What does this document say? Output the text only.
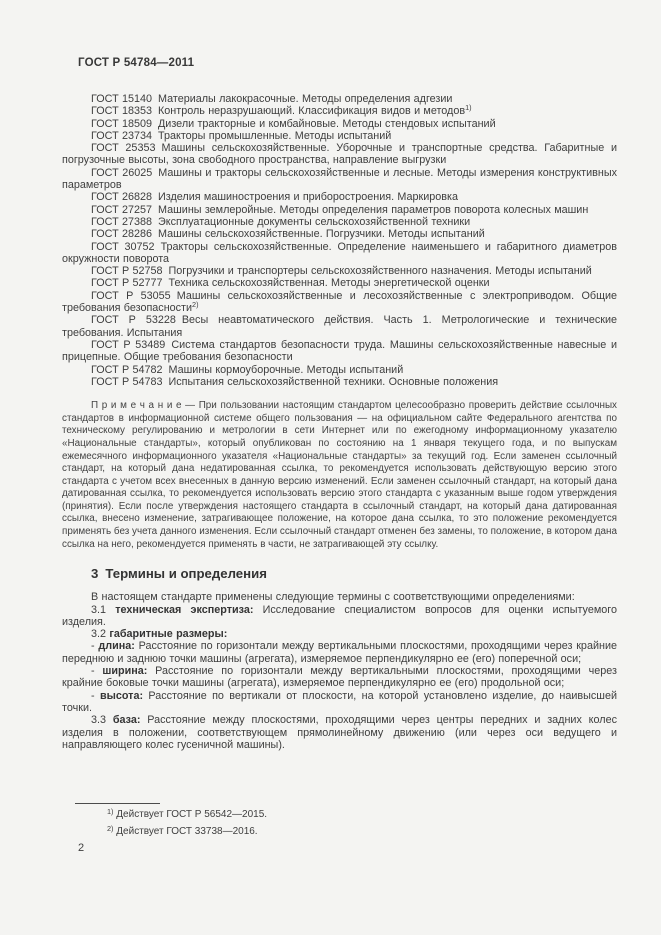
ГОСТ Р 54784—2011

ГОСТ 15140 Материалы лакокрасочные. Методы определения адгезии

ГОСТ 18353 Контроль неразрушающий. Классификация видов и методов$^{1)}$

ГОСТ 18509 Дизели тракторные и комбайновые. Методы стендовых испытаний

ГОСТ 23734 Тракторы промышленные. Методы испытаний

ГОСТ 25353 Машины сельскохозяйственные. Уборочные и транспортные средства. Габаритные и погрузочные высоты, зона свободного пространства, направление выгрузки

ГОСТ 26025 Машины и тракторы сельскохозяйственные и лесные. Методы измерения конструктивных параметров

ГОСТ 26828 Изделия машиностроения и приборостроения. Маркировка

ГОСТ 27257 Машины землеройные. Методы определения параметров поворота колесных машин

ГОСТ 27388 Эксплуатационные документы сельскохозяйственной техники

ГОСТ 28286 Машины сельскохозяйственные. Погрузчики. Методы испытаний

ГОСТ 30752 Тракторы сельскохозяйственные. Определение наименьшего и габаритного диаметров окружности поворота

ГОСТ Р 52758 Погрузчики и транспортеры сельскохозяйственного назначения. Методы испытаний

ГОСТ Р 52777 Техника сельскохозяйственная. Методы энергетической оценки

ГОСТ Р 53055 Машины сельскохозяйственные и лесохозяйственные с электроприводом. Общие требования безопасности$^{2)}$

ГОСТ Р 53228 Весы неавтоматического действия. Часть 1. Метрологические и технические требования. Испытания

ГОСТ Р 53489 Система стандартов безопасности труда. Машины сельскохозяйственные навесные и прицепные. Общие требования безопасности

ГОСТ Р 54782 Машины кормоуборочные. Методы испытаний

ГОСТ Р 54783 Испытания сельскохозяйственной техники. Основные положения

П р и м е ч а н и е — При пользовании настоящим стандартом целесообразно проверить действие ссылочных стандартов в информационной системе общего пользования — на официальном сайте Федерального агентства по техническому регулированию и метрологии в сети Интернет или по ежегодному информационному указателю «Национальные стандарты», который опубликован по состоянию на 1 января текущего года, и по выпускам ежемесячного информационного указателя «Национальные стандарты» за текущий год. Если заменен ссылочный стандарт, на который дана недатированная ссылка, то рекомендуется использовать действующую версию этого стандарта с учетом всех внесенных в данную версию изменений. Если заменен ссылочный стандарт, на который дана датированная ссылка, то рекомендуется использовать версию этого стандарта с указанным выше годом утверждения (принятия). Если после утверждения настоящего стандарта в ссылочный стандарт, на который дана датированная ссылка, внесено изменение, затрагивающее положение, на которое дана ссылка, то это положение рекомендуется применять без учета данного изменения. Если ссылочный стандарт отменен без замены, то положение, в котором дана ссылка на него, рекомендуется применять в части, не затрагивающей эту ссылку.

3 Термины и определения

В настоящем стандарте применены следующие термины с соответствующими определениями:

3.1 техническая экспертиза: Исследование специалистом вопросов для оценки испытуемого изделия.

3.2 габаритные размеры:

- длина: Расстояние по горизонтали между вертикальными плоскостями, проходящими через крайние переднюю и заднюю точки машины (агрегата), измеряемое перпендикулярно ее (его) поперечной оси;

- ширина: Расстояние по горизонтали между вертикальными плоскостями, проходящими через крайние боковые точки машины (агрегата), измеряемое перпендикулярно ее (его) продольной оси;

- высота: Расстояние по вертикали от плоскости, на которой установлено изделие, до наивысшей точки.

3.3 база: Расстояние между плоскостями, проходящими через центры передних и задних колес изделия в положении, соответствующем прямолинейному движению (или через оси ведущего и направляющего колес гусеничной машины).

$^{1)}$ Действует ГОСТ Р 56542—2015.

$^{2)}$ Действует ГОСТ 33738—2016.

2
